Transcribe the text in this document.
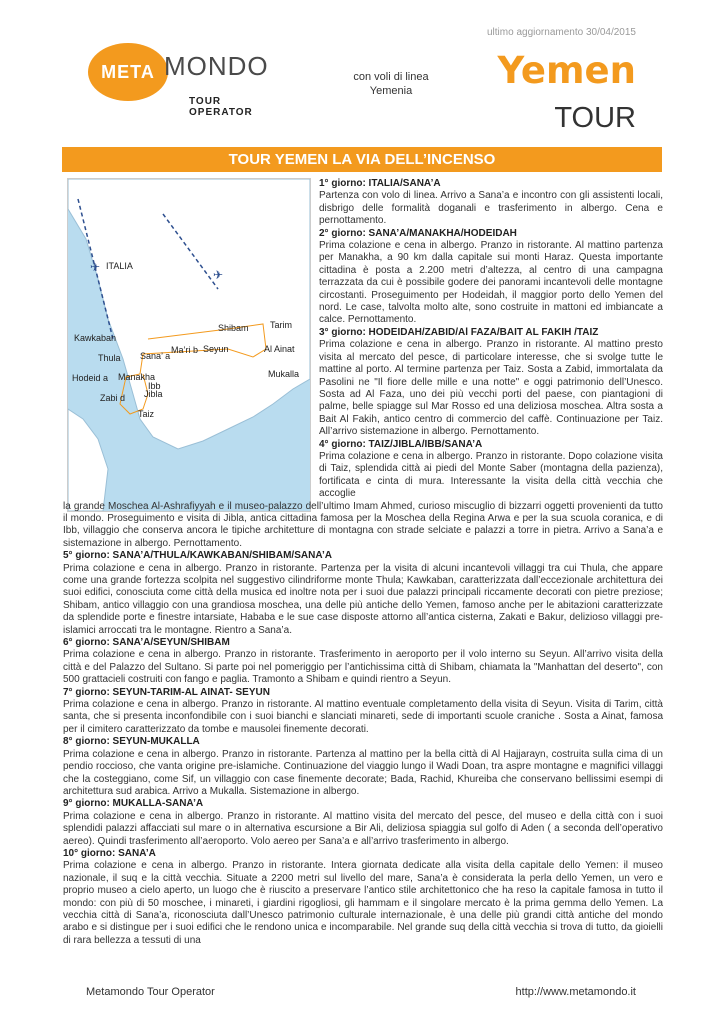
ultimo aggiornamento 30/04/2015
META MONDO
TOUR OPERATOR
con voli di linea
Yemenia	Yemen
TOUR
TOUR YEMEN LA VIA DELL’INCENSO
✈
✈
ITALIA
Kawkaban
Shibam Tarim
Ma’ri b Seyun	Al Ainat
Thula Sana’ a
Hodeid a Manakha
Ibb
Jibla
Zabi d
Taiz
Mukalla
1° giorno: ITALIA/SANA’A

Partenza con volo di linea. Arrivo a Sana’a e incontro con gli assistenti locali, disbrigo delle formalità doganali e trasferimento in albergo. Cena e pernottamento.

2° giorno: SANA’A/MANAKHA/HODEIDAH

Prima colazione e cena in albergo. Pranzo in ristorante. Al mattino partenza per Manakha, a 90 km dalla capitale sui monti Haraz. Questa importante cittadina è posta a 2.200 metri d’altezza, al centro di una campagna terrazzata da cui è possibile godere dei panorami incantevoli delle montagne circostanti. Proseguimento per Hodeidah, il maggior porto dello Yemen del nord. Le case, talvolta molto alte, sono costruite in mattoni ed imbiancate a calce. Pernottamento.

3° giorno: HODEIDAH/ZABID/Al FAZA/BAIT AL FAKIH /TAIZ

Prima colazione e cena in albergo. Pranzo in ristorante. Al mattino presto visita al mercato del pesce, di particolare interesse, che si svolge tutte le mattine al porto. Al termine partenza per Taiz. Sosta a Zabid, immortalata da Pasolini ne "Il fiore delle mille e una notte" e oggi patrimonio dell’Unesco. Sosta ad Al Faza, uno dei più vecchi porti del paese, con piantagioni di palme, belle spiagge sul Mar Rosso ed una deliziosa moschea. Altra sosta a Bait Al Fakih, antico centro di commercio del caffè. Continuazione per Taiz. All’arrivo sistemazione in albergo. Pernottamento.

4° giorno: TAIZ/JIBLA/IBB/SANA’A

Prima colazione e cena in albergo. Pranzo in ristorante. Dopo colazione visita di Taiz, splendida città ai piedi del Monte Saber (montagna della pazienza), fortificata e cinta di mura. Interessante la visita della città vecchia che accoglie
la grande Moschea Al-Ashrafiyyah e il museo-palazzo dell’ultimo Imam Ahmed, curioso miscuglio di bizzarri oggetti provenienti da tutto il mondo. Proseguimento e visita di Jibla, antica cittadina famosa per la Moschea della Regina Arwa e per la sua scuola coranica, e di Ibb, villaggio che conserva ancora le tipiche architetture di montagna con strade selciate e palazzi a torre in pietra. Arrivo a Sana’a e sistemazione in albergo. Pernottamento.

5° giorno: SANA’A/THULA/KAWKABAN/SHIBAM/SANA’A

Prima colazione e cena in albergo. Pranzo in ristorante. Partenza per la visita di alcuni incantevoli villaggi tra cui Thula, che appare come una grande fortezza scolpita nel suggestivo cilindriforme monte Thula; Kawkaban, caratterizzata dall’eccezionale architettura dei suoi edifici, conosciuta come città della musica ed inoltre nota per i suoi due palazzi principali riccamente decorati con pietre preziose; Shibam, antico villaggio con una grandiosa moschea, una delle più antiche dello Yemen, famoso anche per le abitazioni caratterizzate da splendide porte e finestre intarsiate, Hababa e le sue case disposte attorno all’antica cisterna, Zakati e Bakur, delizioso villaggi pre-islamici arroccati tra le montagne. Rientro a Sana’a.

6° giorno: SANA’A/SEYUN/SHIBAM

Prima colazione e cena in albergo. Pranzo in ristorante. Trasferimento in aeroporto per il volo interno su Seyun. All’arrivo visita della città e del Palazzo del Sultano. Si parte poi nel pomeriggio per l’antichissima città di Shibam, chiamata la "Manhattan del deserto", con 500 grattacieli costruiti con fango e paglia. Tramonto a Shibam e quindi rientro a Seyun.

7° giorno: SEYUN-TARIM-AL AINAT- SEYUN

Prima colazione e cena in albergo. Pranzo in ristorante. Al mattino eventuale completamento della visita di Seyun. Visita di Tarim, città santa, che si presenta inconfondibile con i suoi bianchi e slanciati minareti, sede di importanti scuole craniche . Sosta a Ainat, famosa per il cimitero caratterizzato da tombe e mausolei finemente decorati.

8° giorno: SEYUN-MUKALLA

Prima colazione e cena in albergo. Pranzo in ristorante. Partenza al mattino per la bella città di Al Hajjarayn, costruita sulla cima di un pendio roccioso, che vanta origine pre-islamiche. Continuazione del viaggio lungo il Wadi Doan, tra aspre montagne e magnifici villaggi che la costeggiano, come Sif, un villaggio con case finemente decorate; Bada, Rachid, Khureiba che conservano bellissimi esempi di architettura sud arabica. Arrivo a Mukalla. Sistemazione in albergo.

9° giorno: MUKALLA-SANA’A

Prima colazione e cena in albergo. Pranzo in ristorante. Al mattino visita del mercato del pesce, del museo e della città con i suoi splendidi palazzi affacciati sul mare o in alternativa escursione a Bir Ali, deliziosa spiaggia sul golfo di Aden ( a seconda dell’operativo aereo). Quindi trasferimento all’aeroporto. Volo aereo per Sana’a e all’arrivo trasferimento in albergo.

10° giorno: SANA’A

Prima colazione e cena in albergo. Pranzo in ristorante. Intera giornata dedicate alla visita della capitale dello Yemen: il museo nazionale, il suq e la città vecchia. Situate a 2200 metri sul livello del mare, Sana’a è considerata la perla dello Yemen, un vero e proprio museo a cielo aperto, un luogo che è riuscito a preservare l’antico stile architettonico che ha reso la capitale famosa in tutto il mondo: con più di 50 moschee, i minareti, i giardini rigogliosi, gli hammam e il singolare mercato è la prima gemma dello Yemen. La vecchia città di Sana’a, riconosciuta dall’Unesco patrimonio culturale internazionale, è una delle più grandi città antiche del mondo arabo e si distingue per i suoi edifici che le rendono unica e incomparabile. Nel grande suq della città vecchia si trova di tutto, da gioielli di rara bellezza a tessuti di una

Metamondo Tour Operator	http://www.metamondo.it
